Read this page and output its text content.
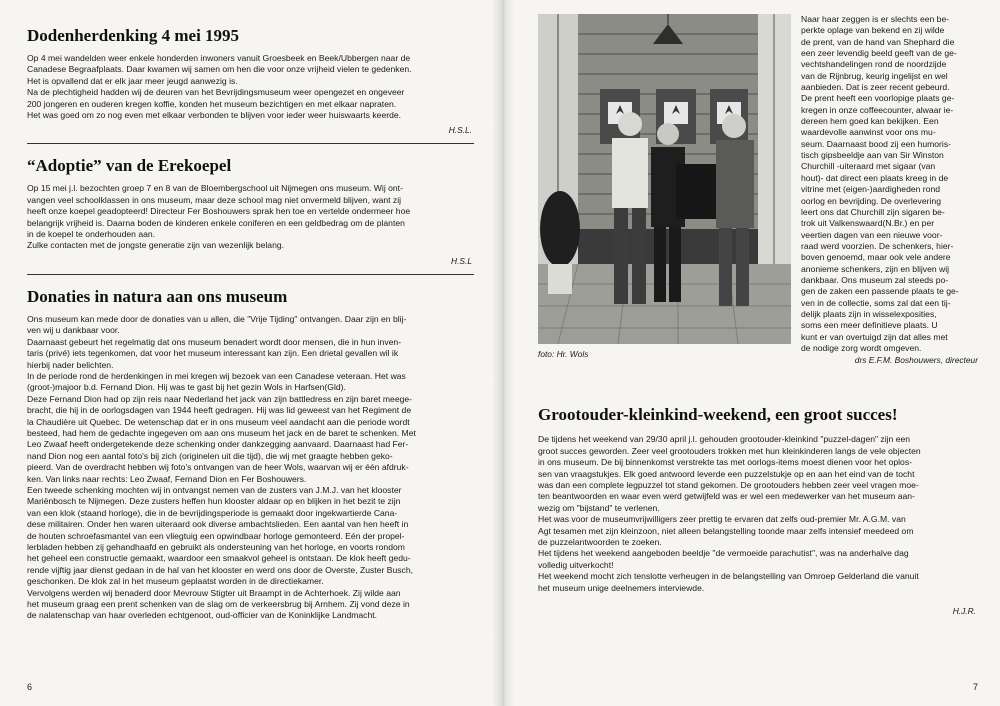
Dodenherdenking 4 mei 1995

Op 4 mei wandelden weer enkele honderden inwoners vanuit Groesbeek en Beek/Ubbergen naar de
Canadese Begraafplaats. Daar kwamen wij samen om hen die voor onze vrijheid vielen te gedenken.
Het is opvallend dat er elk jaar meer jeugd aanwezig is.
Na de plechtigheid hadden wij de deuren van het Bevrijdingsmuseum weer opengezet en ongeveer
200 jongeren en ouderen kregen koffie, konden het museum bezichtigen en met elkaar napraten.
Het was goed om zo nog even met elkaar verbonden te blijven voor ieder weer huiswaarts keerde.

H.S.L.
“Adoptie” van de Erekoepel

Op 15 mei j.l. bezochten groep 7 en 8 van de Bloembergschool uit Nijmegen ons museum. Wij ont-
vangen veel schoolklassen in ons museum, maar deze school mag niet onvermeld blijven, want zij
heeft onze koepel geadopteerd! Directeur Fer Boshouwers sprak hen toe en vertelde ondermeer hoe
belangrijk vrijheid is. Daarna boden de kinderen enkele coniferen en een geldbedrag om de planten
in de koepel te onderhouden aan.
Zulke contacten met de jongste generatie zijn van wezenlijk belang.

H.S.L
Donaties in natura aan ons museum

Ons museum kan mede door de donaties van u allen, die "Vrije Tijding" ontvangen. Daar zijn en blij-
ven wij u dankbaar voor.
Daarnaast gebeurt het regelmatig dat ons museum benadert wordt door mensen, die in hun inven-
taris (privé) iets tegenkomen, dat voor het museum interessant kan zijn. Een drietal gevallen wil ik
hierbij nader belichten.
In de periode rond de herdenkingen in mei kregen wij bezoek van een Canadese veteraan. Het was
(groot-)majoor b.d. Fernand Dion. Hij was te gast bij het gezin Wols in Harfsen(Gld).
Deze Fernand Dion had op zijn reis naar Nederland het jack van zijn battledress en zijn baret meege-
bracht, die hij in de oorlogsdagen van 1944 heeft gedragen. Hij was lid geweest van het Regiment de
la Chaudière uit Quebec. De wetenschap dat er in ons museum veel aandacht aan die periode wordt
besteed, had hem de gedachte ingegeven om aan ons museum het jack en de baret te schenken. Met
Leo Zwaaf heeft ondergetekende deze schenking onder dankzegging aanvaard. Daarnaast had Fer-
nand Dion nog een aantal foto's bij zich (originelen uit die tijd), die wij met graagte hebben geko-
pieerd. Van de overdracht hebben wij foto's ontvangen van de heer Wols, waarvan wij er één afdruk-
ken. Van links naar rechts: Leo Zwaaf, Fernand Dion en Fer Boshouwers.
Een tweede schenking mochten wij in ontvangst nemen van de zusters van J.M.J. van het klooster
Mariënbosch te Nijmegen. Deze zusters heffen hun klooster aldaar op en blijken in het bezit te zijn
van een klok (staand horloge), die in de bevrijdingsperiode is gemaakt door ingekwartierde Cana-
dese militairen. Onder hen waren uiteraard ook diverse ambachtslieden. Een aantal van hen heeft in
de houten schroefasmantel van een vliegtuig een opwindbaar horloge gemonteerd. Eén der propel-
lerbladen hebben zij gehandhaafd en gebruikt als ondersteuning van het horloge, en voorts rondom
het geheel een constructie gemaakt, waardoor een smaakvol geheel is ontstaan. De klok heeft gedu-
rende vijftig jaar dienst gedaan in de hal van het klooster en werd ons door de Overste, Zuster Busch,
geschonken. De klok zal in het museum geplaatst worden in de directiekamer.
Vervolgens werden wij benaderd door Mevrouw Stigter uit Braampt in de Achterhoek. Zij wilde aan
het museum graag een prent schenken van de slag om de verkeersbrug bij Arnhem. Zij vond deze in
de nalatenschap van haar overleden echtgenoot, oud-officier van de Koninklijke Landmacht.

6
foto: Hr. Wols

Naar haar zeggen is er slechts een be-
perkte oplage van bekend en zij wilde
de prent, van de hand van Shephard die
een zeer levendig beeld geeft van de ge-
vechtshandelingen rond de noordzijde
van de Rijnbrug, keurig ingelijst en wel
aanbieden. Dat is zeer recent gebeurd.
De prent heeft een voorlopige plaats ge-
kregen in onze coffeecounter, alwaar ie-
dereen hem goed kan bekijken. Een
waardevolle aanwinst voor ons mu-
seum. Daarnaast bood zij een humoris-
tisch gipsbeeldje aan van Sir Winston
Churchill -uiteraard met sigaar (van
hout)- dat direct een plaats kreeg in de
vitrine met (eigen-)aardigheden rond
oorlog en bevrijding. De overlevering
leert ons dat Churchill zijn sigaren be-
trok uit Valkenswaard(N.Br.) en per
veertien dagen van een nieuwe voor-
raad werd voorzien. De schenkers, hier-
boven genoemd, maar ook vele andere
anonieme schenkers, zijn en blijven wij
dankbaar. Ons museum zal steeds po-
gen de zaken een passende plaats te ge-
ven in de collectie, soms zal dat een tij-
delijk plaats zijn in wisselexposities,
soms een meer definitieve plaats. U
kunt er van overtuigd zijn dat alles met
de nodige zorg wordt omgeven.

drs E.F.M. Boshouwers, directeur
Grootouder-kleinkind-weekend, een groot succes!

De tijdens het weekend van 29/30 april j.l. gehouden grootouder-kleinkind "puzzel-dagen" zijn een
groot succes geworden. Zeer veel grootouders trokken met hun kleinkinderen langs de vele objecten
in ons museum. De bij binnenkomst verstrekte tas met oorlogs-items moest dienen voor het oplos-
sen van vraagstukjes. Elk goed antwoord leverde een puzzelstukje op en aan het eind van de tocht
was dan een complete legpuzzel tot stand gekomen. De grootouders hebben zeer veel vragen moe-
ten beantwoorden en waar even werd getwijfeld was er wel een medewerker van het museum aan-
wezig om "bijstand" te verlenen.
Het was voor de museumvrijwilligers zeer prettig te ervaren dat zelfs oud-premier Mr. A.G.M. van
Agt tesamen met zijn kleinzoon, niet alleen belangstelling toonde maar zelfs intensief meedeed om
de puzzelantwoorden te zoeken.
Het tijdens het weekend aangeboden beeldje "de vermoeide parachutist", was na anderhalve dag
volledig uitverkocht!
Het weekend mocht zich tenslotte verheugen in de belangstelling van Omroep Gelderland die vanuit
het museum unige deelnemers interviewde.

H.J.R.
7
